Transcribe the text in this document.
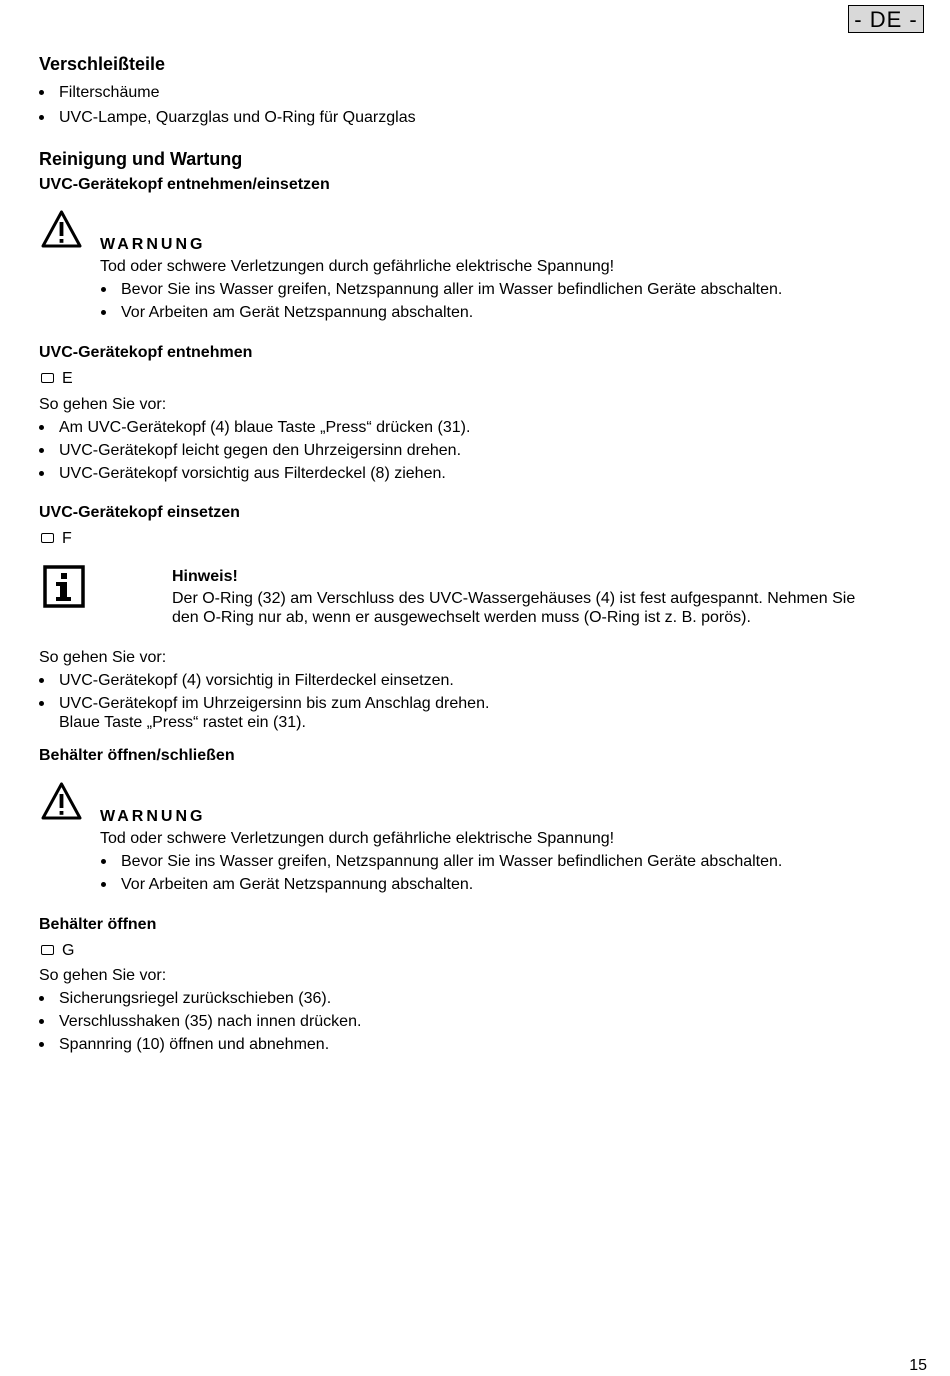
- DE -
Verschleißteile
Filterschäume
UVC-Lampe, Quarzglas und O-Ring für Quarzglas
Reinigung und Wartung
UVC-Gerätekopf entnehmen/einsetzen
WARNUNG
Tod oder schwere Verletzungen durch gefährliche elektrische Spannung!
Bevor Sie ins Wasser greifen, Netzspannung aller im Wasser befindlichen Geräte abschalten.
Vor Arbeiten am Gerät Netzspannung abschalten.
UVC-Gerätekopf entnehmen
E
So gehen Sie vor:
Am UVC-Gerätekopf (4) blaue Taste „Press“ drücken (31).
UVC-Gerätekopf leicht gegen den Uhrzeigersinn drehen.
UVC-Gerätekopf vorsichtig aus Filterdeckel (8) ziehen.
UVC-Gerätekopf einsetzen
F
Hinweis!
Der O-Ring (32) am Verschluss des UVC-Wassergehäuses (4) ist fest aufgespannt. Nehmen Sie
den O-Ring nur ab, wenn er ausgewechselt werden muss (O-Ring ist z. B. porös).
So gehen Sie vor:
UVC-Gerätekopf (4) vorsichtig in Filterdeckel einsetzen.
UVC-Gerätekopf im Uhrzeigersinn bis zum Anschlag drehen.
Blaue Taste „Press“ rastet ein (31).
Behälter öffnen/schließen
WARNUNG
Tod oder schwere Verletzungen durch gefährliche elektrische Spannung!
Bevor Sie ins Wasser greifen, Netzspannung aller im Wasser befindlichen Geräte abschalten.
Vor Arbeiten am Gerät Netzspannung abschalten.
Behälter öffnen
G
So gehen Sie vor:
Sicherungsriegel zurückschieben (36).
Verschlusshaken (35) nach innen drücken.
Spannring (10) öffnen und abnehmen.
15
